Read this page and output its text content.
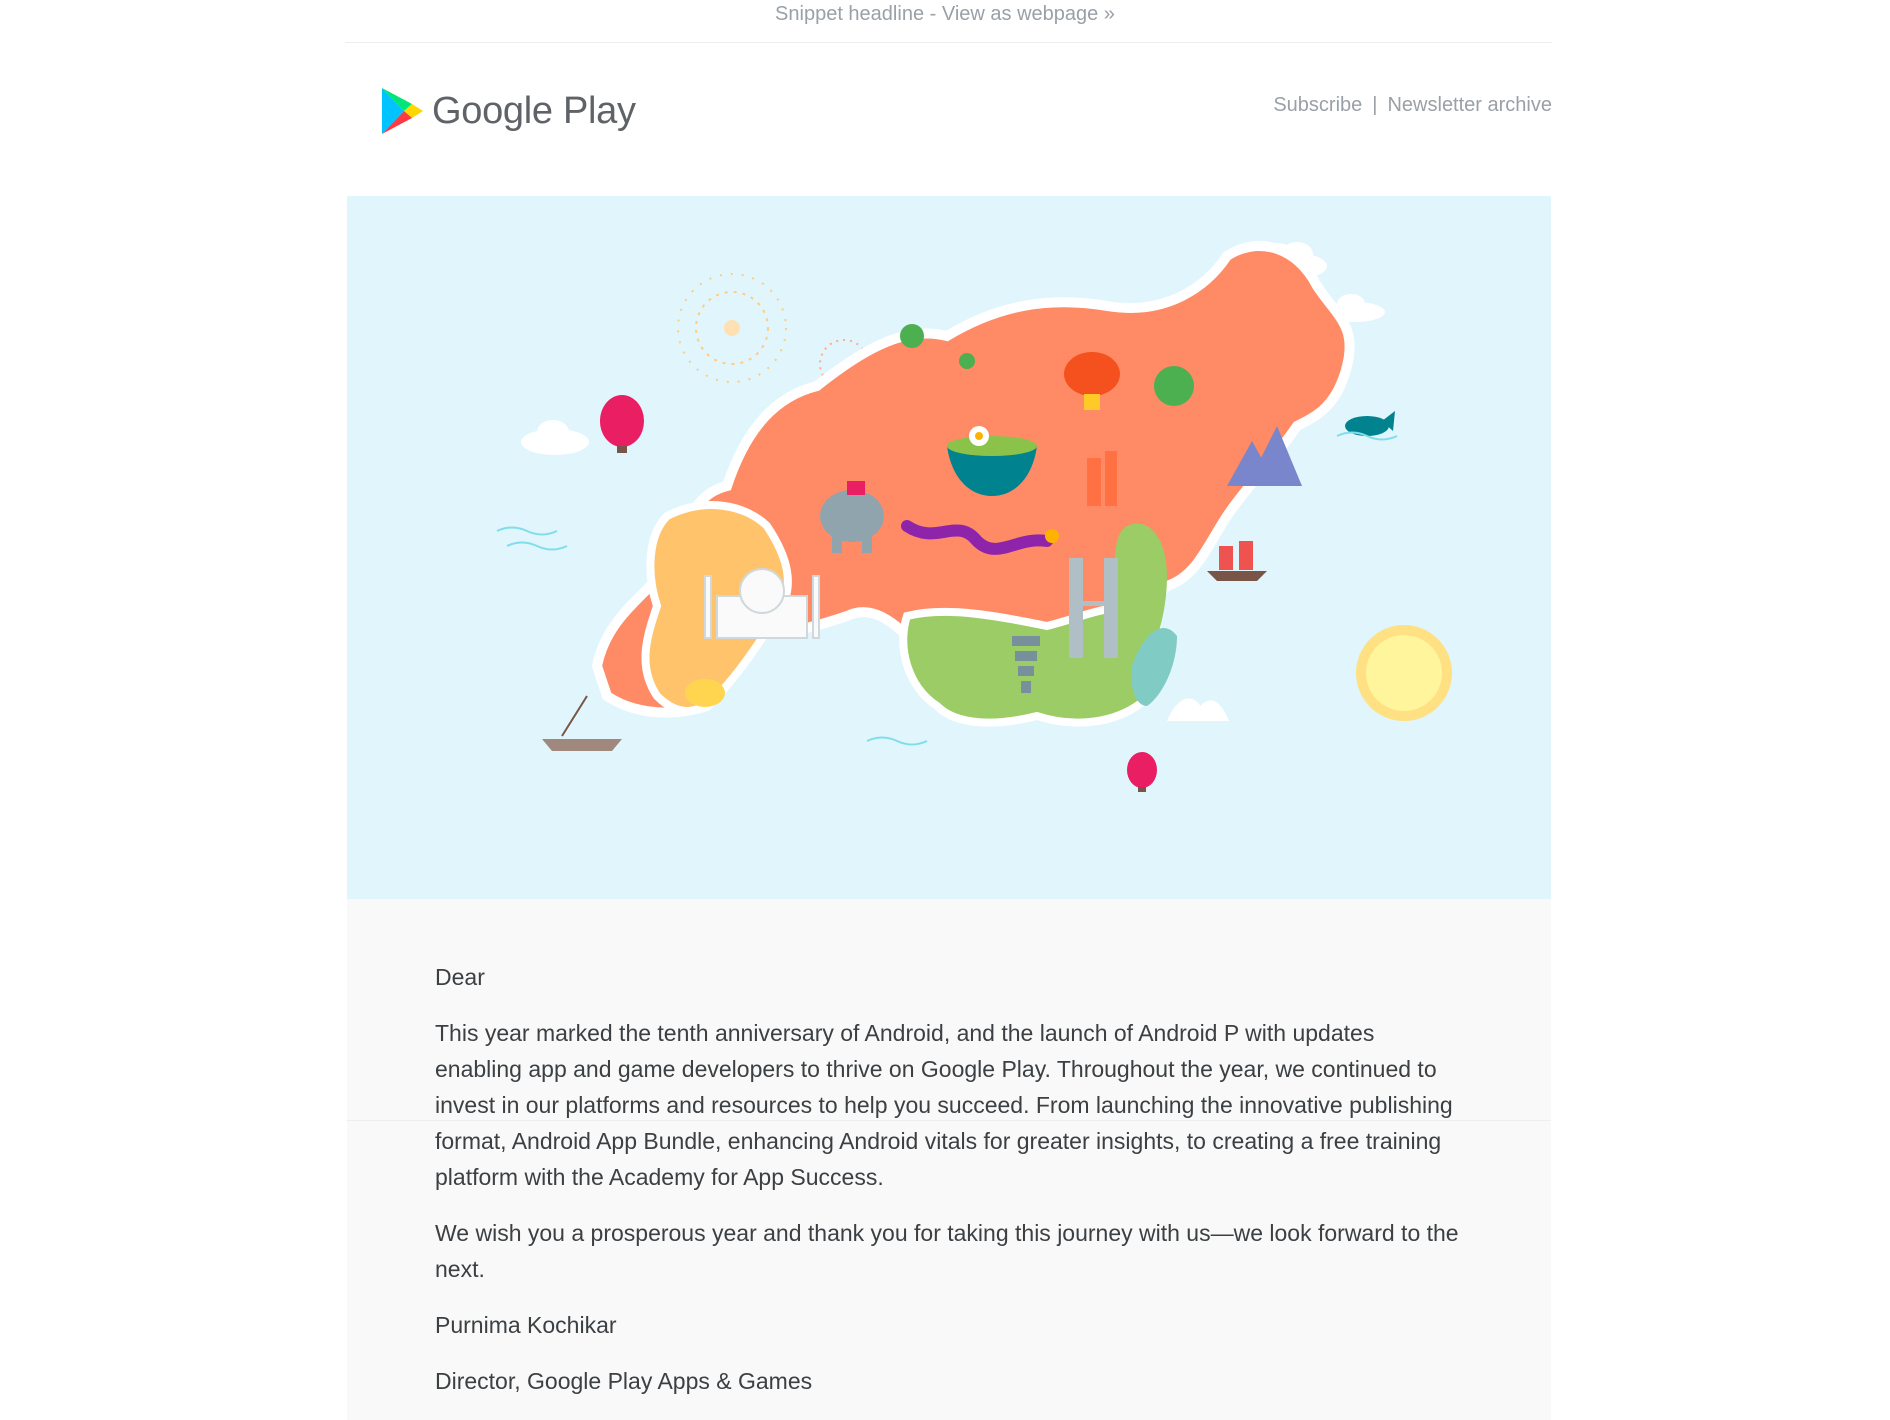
Snippet headline - View as webpage »
Google Play	Subscribe | Newsletter archive

Dear

This year marked the tenth anniversary of Android, and the launch of Android P with updates enabling app and game developers to thrive on Google Play. Throughout the year, we continued to invest in our platforms and resources to help you succeed. From launching the innovative publishing format, Android App Bundle, enhancing Android vitals for greater insights, to creating a free training platform with the Academy for App Success.

We wish you a prosperous year and thank you for taking this journey with us—we look forward to the next.

Purnima Kochikar

Director, Google Play Apps & Games
